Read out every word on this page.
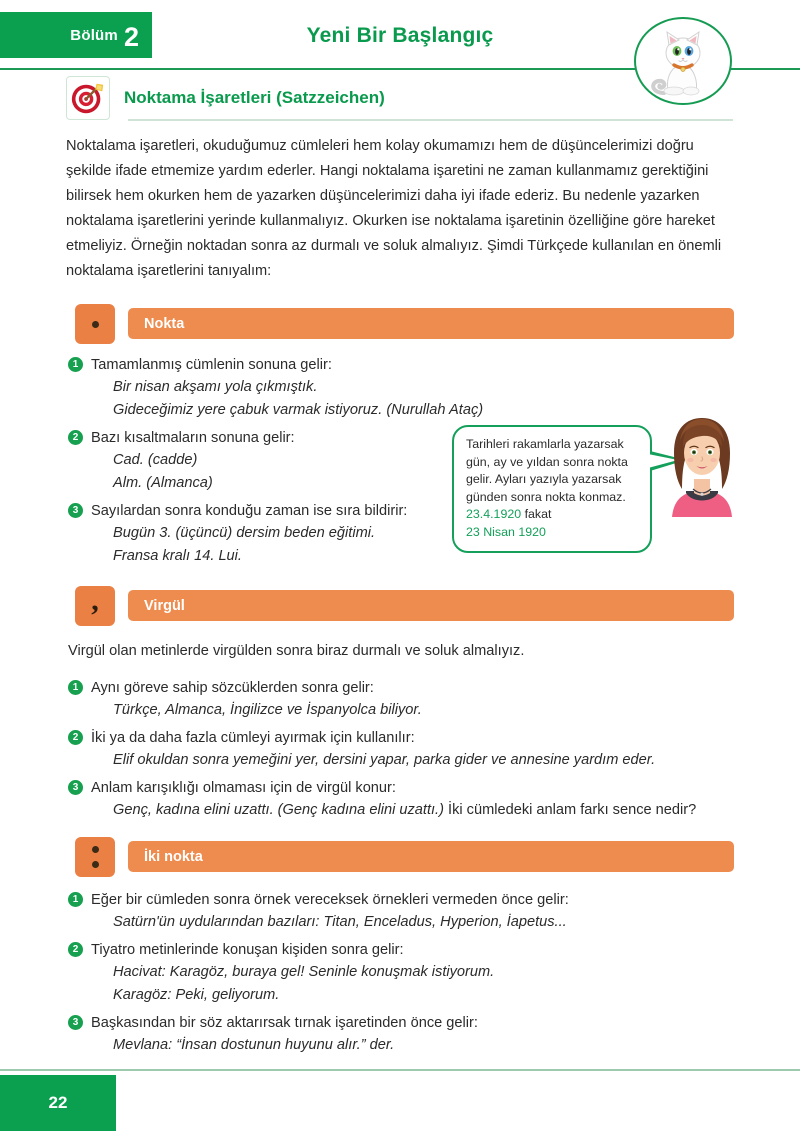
Bölüm 2	Yeni Bir Başlangıç
Noktama İşaretleri (Satzzeichen)
Noktalama işaretleri, okuduğumuz cümleleri hem kolay okumamızı hem de düşüncelerimizi doğru şekilde ifade etmemize yardım ederler. Hangi noktalama işaretini ne zaman kullanmamız gerektiğini bilirsek hem okurken hem de yazarken düşüncelerimizi daha iyi ifade ederiz. Bu nedenle yazarken noktalama işaretlerini yerinde kullanmalıyız. Okurken ise noktalama işaretinin özelliğine göre hareket etmeliyiz. Örneğin noktadan sonra az durmalı ve soluk almalıyız. Şimdi Türkçede kullanılan en önemli noktalama işaretlerini tanıyalım:
Nokta
1 Tamamlanmış cümlenin sonuna gelir:
Bir nisan akşamı yola çıkmıştık.
Gideceğimiz yere çabuk varmak istiyoruz. (Nurullah Ataç)
2 Bazı kısaltmaların sonuna gelir:
Cad. (cadde)
Alm. (Almanca)
3 Sayılardan sonra konduğu zaman ise sıra bildirir:
Bugün 3. (üçüncü) dersim beden eğitimi.
Fransa kralı 14. Lui.
Tarihleri rakamlarla yazarsak gün, ay ve yıldan sonra nokta gelir. Ayları yazıyla yazarsak günden sonra nokta konmaz.
23.4.1920 fakat
23 Nisan 1920
,	Virgül
Virgül olan metinlerde virgülden sonra biraz durmalı ve soluk almalıyız.
1 Aynı göreve sahip sözcüklerden sonra gelir:
Türkçe, Almanca, İngilizce ve İspanyolca biliyor.
2 İki ya da daha fazla cümleyi ayırmak için kullanılır:
Elif okuldan sonra yemeğini yer, dersini yapar, parka gider ve annesine yardım eder.
3 Anlam karışıklığı olmaması için de virgül konur:
Genç, kadına elini uzattı. (Genç kadına elini uzattı.) İki cümledeki anlam farkı sence nedir?
İki nokta
1 Eğer bir cümleden sonra örnek vereceksek örnekleri vermeden önce gelir:
Satürn'ün uydularından bazıları: Titan, Enceladus, Hyperion, İapetus...
2 Tiyatro metinlerinde konuşan kişiden sonra gelir:
Hacivat: Karagöz, buraya gel! Seninle konuşmak istiyorum.
Karagöz: Peki, geliyorum.
3 Başkasından bir söz aktarırsak tırnak işaretinden önce gelir:
Mevlana: “İnsan dostunun huyunu alır.” der.
22
